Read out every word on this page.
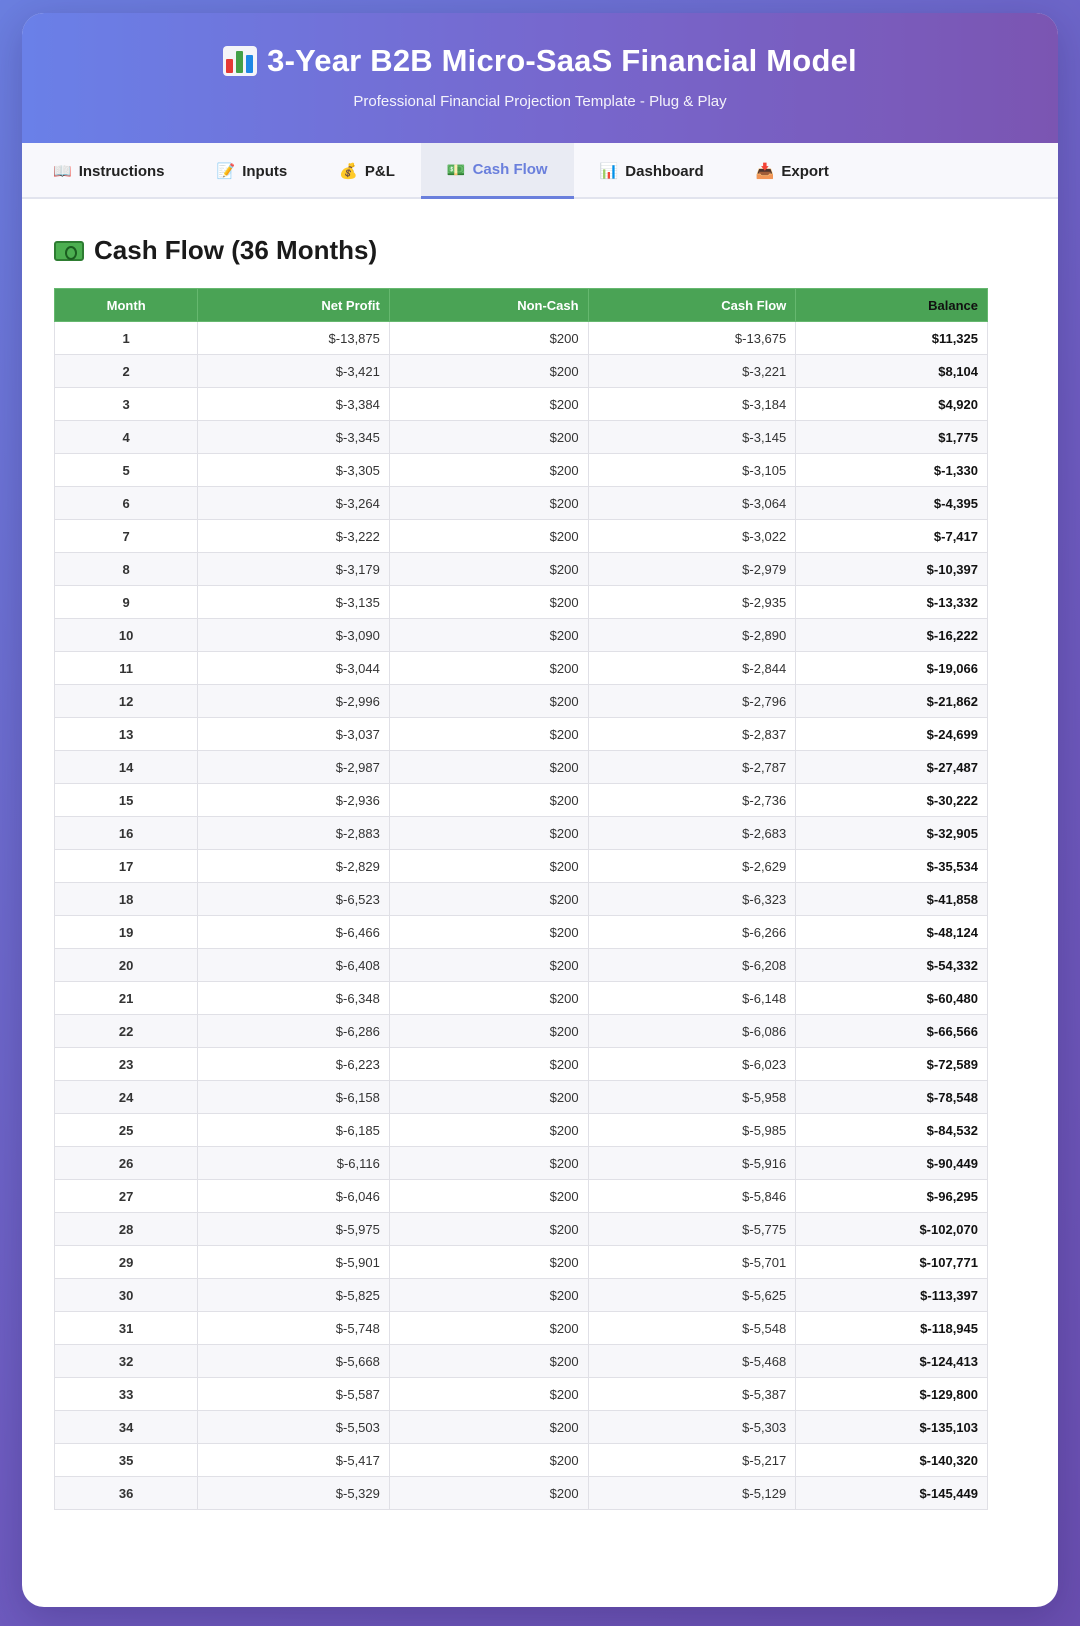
3-Year B2B Micro-SaaS Financial Model
Professional Financial Projection Template - Plug & Play
📖 Instructions	📝 Inputs	💰 P&L	💵 Cash Flow	📊 Dashboard	📥 Export
Cash Flow (36 Months)
Month	Net Profit	Non-Cash	Cash Flow	Balance
1	$-13,875	$200	$-13,675	$11,325
2	$-3,421	$200	$-3,221	$8,104
3	$-3,384	$200	$-3,184	$4,920
4	$-3,345	$200	$-3,145	$1,775
5	$-3,305	$200	$-3,105	$-1,330
6	$-3,264	$200	$-3,064	$-4,395
7	$-3,222	$200	$-3,022	$-7,417
8	$-3,179	$200	$-2,979	$-10,397
9	$-3,135	$200	$-2,935	$-13,332
10	$-3,090	$200	$-2,890	$-16,222
11	$-3,044	$200	$-2,844	$-19,066
12	$-2,996	$200	$-2,796	$-21,862
13	$-3,037	$200	$-2,837	$-24,699
14	$-2,987	$200	$-2,787	$-27,487
15	$-2,936	$200	$-2,736	$-30,222
16	$-2,883	$200	$-2,683	$-32,905
17	$-2,829	$200	$-2,629	$-35,534
18	$-6,523	$200	$-6,323	$-41,858
19	$-6,466	$200	$-6,266	$-48,124
20	$-6,408	$200	$-6,208	$-54,332
21	$-6,348	$200	$-6,148	$-60,480
22	$-6,286	$200	$-6,086	$-66,566
23	$-6,223	$200	$-6,023	$-72,589
24	$-6,158	$200	$-5,958	$-78,548
25	$-6,185	$200	$-5,985	$-84,532
26	$-6,116	$200	$-5,916	$-90,449
27	$-6,046	$200	$-5,846	$-96,295
28	$-5,975	$200	$-5,775	$-102,070
29	$-5,901	$200	$-5,701	$-107,771
30	$-5,825	$200	$-5,625	$-113,397
31	$-5,748	$200	$-5,548	$-118,945
32	$-5,668	$200	$-5,468	$-124,413
33	$-5,587	$200	$-5,387	$-129,800
34	$-5,503	$200	$-5,303	$-135,103
35	$-5,417	$200	$-5,217	$-140,320
36	$-5,329	$200	$-5,129	$-145,449
